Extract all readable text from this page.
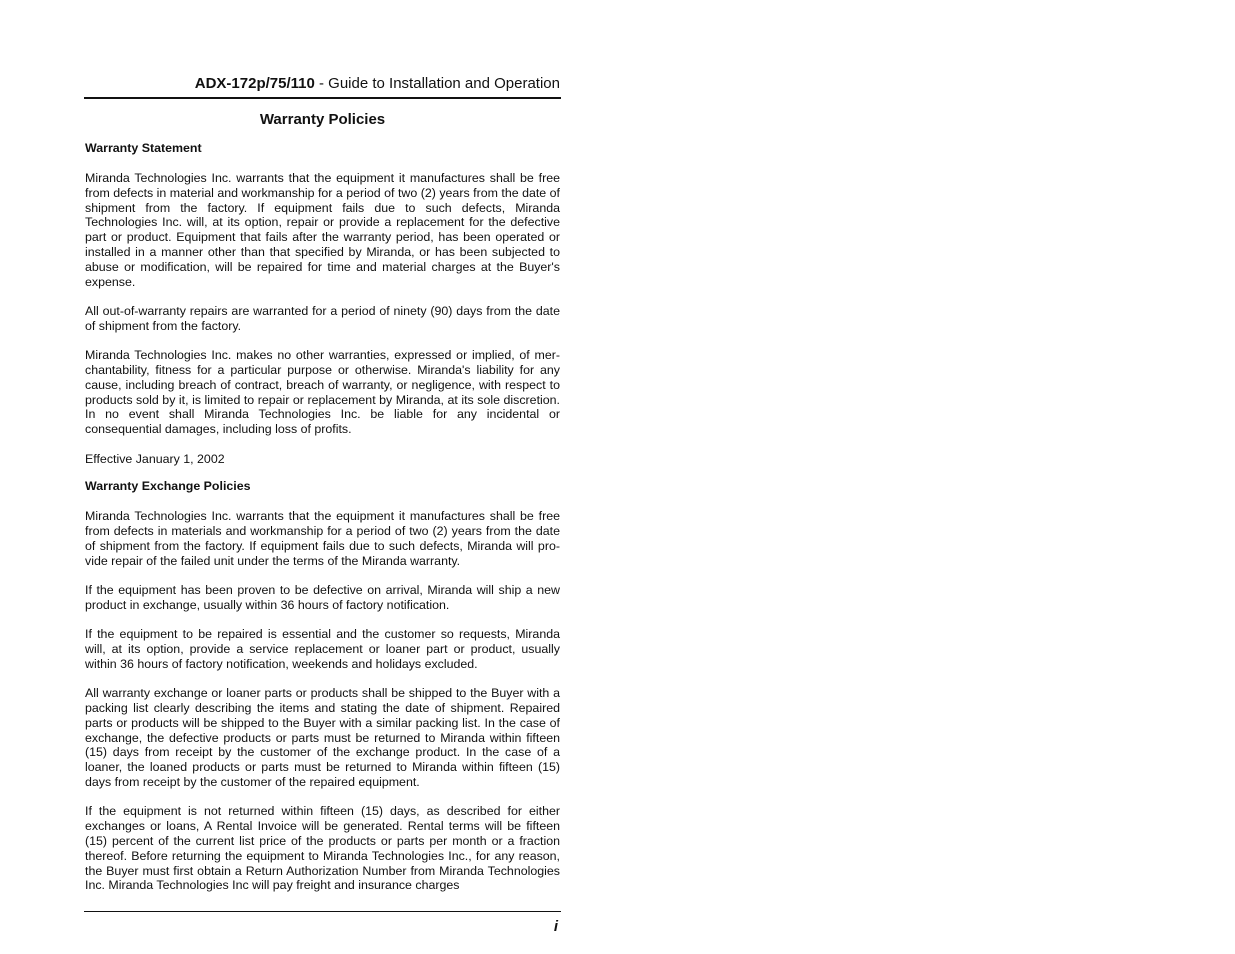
ADX-172p/75/110 - Guide to Installation and Operation
Warranty Policies
Warranty Statement

Miranda Technologies Inc. warrants that the equipment it manufactures shall be free from defects in material and workmanship for a period of two (2) years from the date of shipment from the factory. If equipment fails due to such defects, Miranda Technologies Inc. will, at its option, repair or provide a replacement for the defective part or product. Equipment that fails after the warranty period, has been operated or installed in a manner other than that specified by Miranda, or has been subjected to abuse or modification, will be repaired for time and material charges at the Buyer's expense.

All out-of-warranty repairs are warranted for a period of ninety (90) days from the date of shipment from the factory.

Miranda Technologies Inc. makes no other warranties, expressed or implied, of merchantability, fitness for a particular purpose or otherwise. Miranda's liability for any cause, including breach of contract, breach of warranty, or negligence, with respect to products sold by it, is limited to repair or replacement by Miranda, at its sole discretion. In no event shall Miranda Technologies Inc. be liable for any incidental or consequential damages, including loss of profits.

Effective January 1, 2002

Warranty Exchange Policies

Miranda Technologies Inc. warrants that the equipment it manufactures shall be free from defects in materials and workmanship for a period of two (2) years from the date of shipment from the factory. If equipment fails due to such defects, Miranda will provide repair of the failed unit under the terms of the Miranda warranty.

If the equipment has been proven to be defective on arrival, Miranda will ship a new product in exchange, usually within 36 hours of factory notification.

If the equipment to be repaired is essential and the customer so requests, Miranda will, at its option, provide a service replacement or loaner part or product, usually within 36 hours of factory notification, weekends and holidays excluded.

All warranty exchange or loaner parts or products shall be shipped to the Buyer with a packing list clearly describing the items and stating the date of shipment. Repaired parts or products will be shipped to the Buyer with a similar packing list. In the case of exchange, the defective products or parts must be returned to Miranda within fifteen (15) days from receipt by the customer of the exchange product. In the case of a loaner, the loaned products or parts must be returned to Miranda within fifteen (15) days from receipt by the customer of the repaired equipment.

If the equipment is not returned within fifteen (15) days, as described for either exchanges or loans, A Rental Invoice will be generated. Rental terms will be fifteen (15) percent of the current list price of the products or parts per month or a fraction thereof. Before returning the equipment to Miranda Technologies Inc., for any reason, the Buyer must first obtain a Return Authorization Number from Miranda Technologies Inc. Miranda Technologies Inc will pay freight and insurance charges

i
